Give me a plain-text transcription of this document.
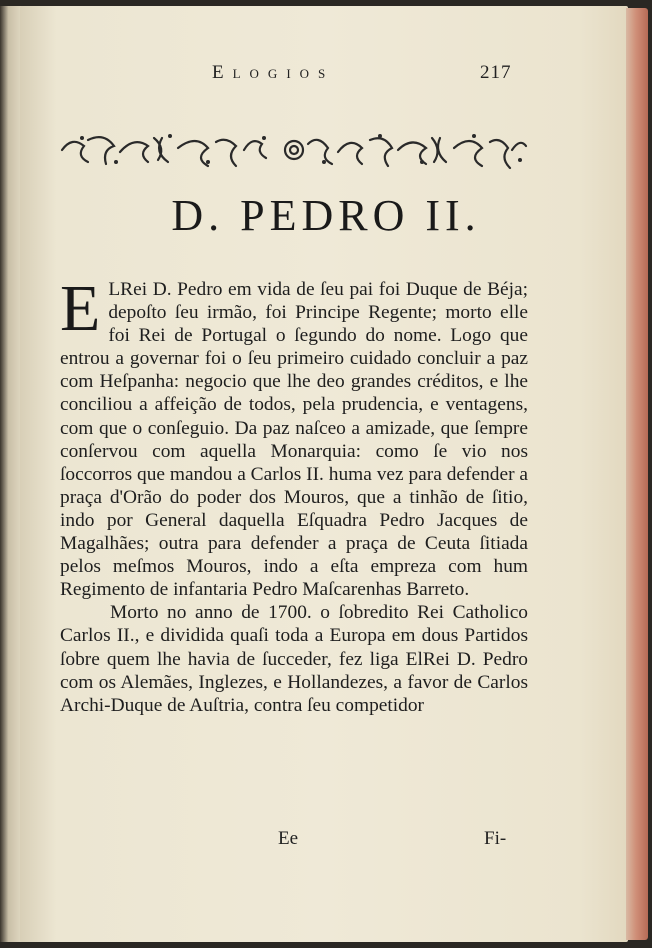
Elogios	217
D. PEDRO II.

E LRei D. Pedro em vida de ſeu pai foi Duque de Béja; depoſto ſeu irmão, foi Principe Regente; morto elle foi Rei de Portugal o ſegundo do nome. Logo que entrou a governar foi o ſeu primeiro cuidado concluir a paz com Heſpanha: negocio que lhe deo grandes créditos, e lhe conciliou a affeição de todos, pela prudencia, e ventagens, com que o conſeguio. Da paz naſceo a amizade, que ſempre conſervou com aquella Monarquia: como ſe vio nos ſoccorros que mandou a Carlos II. huma vez para defender a praça d'Orão do poder dos Mouros, que a tinhão de ſitio, indo por General daquella Eſquadra Pedro Jacques de Magalhães; outra para defender a praça de Ceuta ſitiada pelos meſmos Mouros, indo a eſta empreza com hum Regimento de infantaria Pedro Maſcarenhas Barreto.

Morto no anno de 1700. o ſobredito Rei Catholico Carlos II., e dividida quaſi toda a Europa em dous Partidos ſobre quem lhe havia de ſucceder, fez liga ElRei D. Pedro com os Alemães, Inglezes, e Hollandezes, a favor de Carlos Archi-Duque de Auſtria, contra ſeu competidor

Ee	Fi-
